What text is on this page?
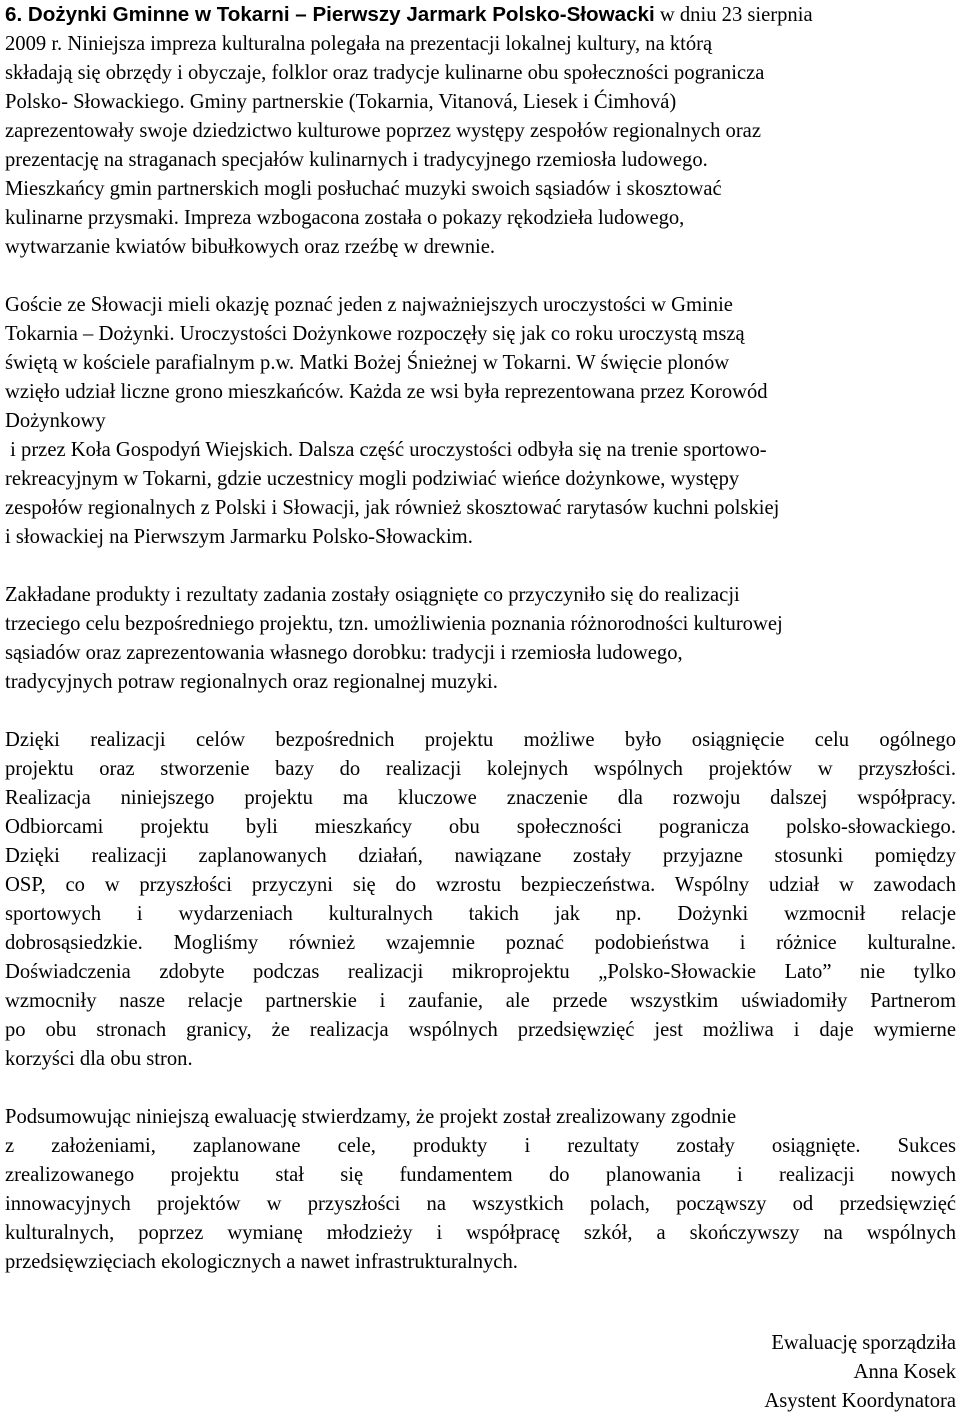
6. Dożynki Gminne w Tokarni – Pierwszy Jarmark Polsko-Słowacki w dniu 23 sierpnia
2009 r. Niniejsza impreza kulturalna polegała na prezentacji lokalnej kultury, na którą
składają się obrzędy i obyczaje, folklor oraz tradycje kulinarne obu społeczności pogranicza
Polsko- Słowackiego. Gminy partnerskie (Tokarnia, Vitanová, Liesek i Ćimhová)
zaprezentowały swoje dziedzictwo kulturowe poprzez występy zespołów regionalnych oraz
prezentację na straganach specjałów kulinarnych i tradycyjnego rzemiosła ludowego.
Mieszkańcy gmin partnerskich mogli posłuchać muzyki swoich sąsiadów i skosztować
kulinarne przysmaki. Impreza wzbogacona została o pokazy rękodzieła ludowego,
wytwarzanie kwiatów bibułkowych oraz rzeźbę w drewnie.
Goście ze Słowacji mieli okazję poznać jeden z najważniejszych uroczystości w Gminie
Tokarnia – Dożynki. Uroczystości Dożynkowe rozpoczęły się jak co roku uroczystą mszą
świętą w kościele parafialnym p.w. Matki Bożej Śnieżnej w Tokarni. W święcie plonów
wzięło udział liczne grono mieszkańców. Każda ze wsi była reprezentowana przez Korowód
Dożynkowy
i przez Koła Gospodyń Wiejskich. Dalsza część uroczystości odbyła się na trenie sportowo-
rekreacyjnym w Tokarni, gdzie uczestnicy mogli podziwiać wieńce dożynkowe, występy
zespołów regionalnych z Polski i Słowacji, jak również skosztować rarytasów kuchni polskiej
i słowackiej na Pierwszym Jarmarku Polsko-Słowackim.
Zakładane produkty i rezultaty zadania zostały osiągnięte co przyczyniło się do realizacji
trzeciego celu bezpośredniego projektu, tzn. umożliwienia poznania różnorodności kulturowej
sąsiadów oraz zaprezentowania własnego dorobku: tradycji i rzemiosła ludowego,
tradycyjnych potraw regionalnych oraz regionalnej muzyki.
Dzięki realizacji celów bezpośrednich projektu możliwe było osiągnięcie celu ogólnego
projektu oraz stworzenie bazy do realizacji kolejnych wspólnych projektów w przyszłości.
Realizacja niniejszego projektu ma kluczowe znaczenie dla rozwoju dalszej współpracy.
Odbiorcami projektu byli mieszkańcy obu społeczności pogranicza polsko-słowackiego.
Dzięki realizacji zaplanowanych działań, nawiązane zostały przyjazne stosunki pomiędzy
OSP, co w przyszłości przyczyni się do wzrostu bezpieczeństwa. Wspólny udział w zawodach
sportowych i wydarzeniach kulturalnych takich jak np. Dożynki wzmocnił relacje
dobrosąsiedzkie. Mogliśmy również wzajemnie poznać podobieństwa i różnice kulturalne.
Doświadczenia zdobyte podczas realizacji mikroprojektu „Polsko-Słowackie Lato” nie tylko
wzmocniły nasze relacje partnerskie i zaufanie, ale przede wszystkim uświadomiły Partnerom
po obu stronach granicy, że realizacja wspólnych przedsięwzięć jest możliwa i daje wymierne
korzyści dla obu stron.
Podsumowując niniejszą ewaluację stwierdzamy, że projekt został zrealizowany zgodnie
z założeniami, zaplanowane cele, produkty i rezultaty zostały osiągnięte. Sukces
zrealizowanego projektu stał się fundamentem do planowania i realizacji nowych
innowacyjnych projektów w przyszłości na wszystkich polach, począwszy od przedsięwzięć
kulturalnych, poprzez wymianę młodzieży i współpracę szkół, a skończywszy na wspólnych
przedsięwzięciach ekologicznych a nawet infrastrukturalnych.
Ewaluację sporządziła
Anna Kosek
Asystent Koordynatora
